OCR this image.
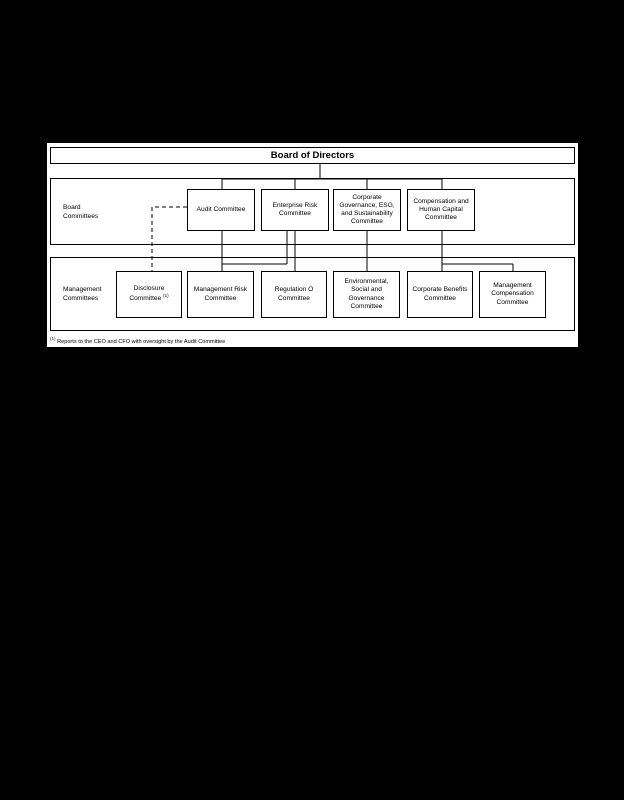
Board of Directors
Board
Committees
Management
Committees
Audit Committee
Enterprise Risk
Committee
Corporate
Governance, ESG,
and Sustainability
Committee
Compensation and
Human Capital
Committee
Disclosure
Committee $^{(1)}$
Management Risk
Committee
Regulation O
Committee
Environmental,
Social and
Governance
Committee
Corporate Benefits
Committee
Management
Compensation
Committee
$^{(1)}$ Reports to the CEO and CFO with oversight by the Audit Committee
